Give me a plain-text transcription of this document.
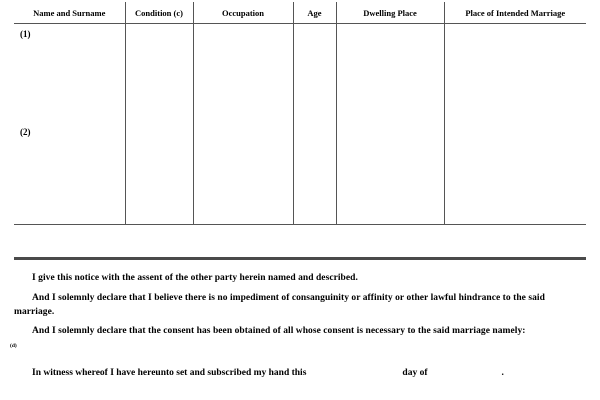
Name and Surname	Condition (c)	Occupation	Age	Dwelling Place	Place of Intended Marriage
(1)					
(2)					

I give this notice with the assent of the other party herein named and described.

And I solemnly declare that I believe there is no impediment of consanguinity or affinity or other lawful hindrance to the said marriage.

And I solemnly declare that the consent has been obtained of all whose consent is necessary to the said marriage namely:

(d)
In witness whereof I have hereunto set and subscribed my hand this	day of	.
